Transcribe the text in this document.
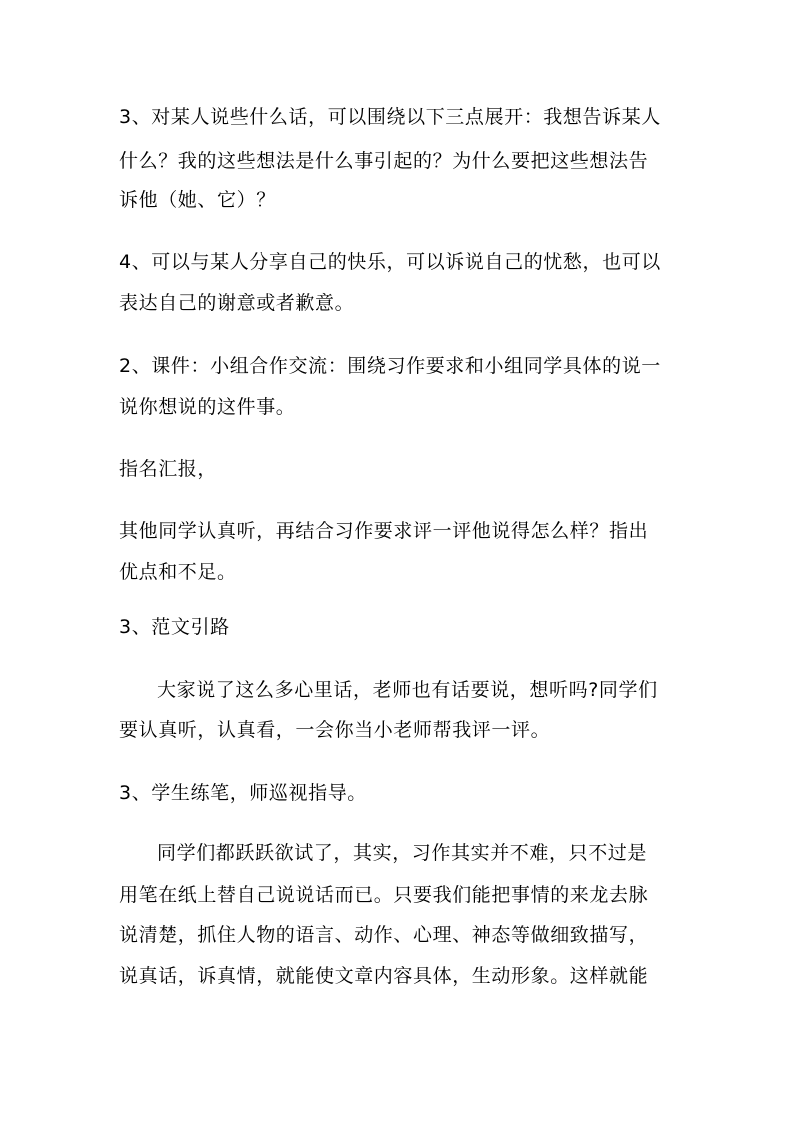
3、对某人说些什么话，可以围绕以下三点展开：我想告诉某人
什么？我的这些想法是什么事引起的？为什么要把这些想法告
诉他（她、它）？
4、可以与某人分享自己的快乐，可以诉说自己的忧愁，也可以
表达自己的谢意或者歉意。
2、课件：小组合作交流：围绕习作要求和小组同学具体的说一
说你想说的这件事。
指名汇报，
其他同学认真听，再结合习作要求评一评他说得怎么样？指出
优点和不足。
3、范文引路
大家说了这么多心里话，老师也有话要说，想听吗?同学们
要认真听，认真看，一会你当小老师帮我评一评。
3、学生练笔，师巡视指导。
同学们都跃跃欲试了，其实，习作其实并不难，只不过是
用笔在纸上替自己说说话而已。只要我们能把事情的来龙去脉
说清楚，抓住人物的语言、动作、心理、神态等做细致描写，
说真话，诉真情，就能使文章内容具体，生动形象。这样就能
